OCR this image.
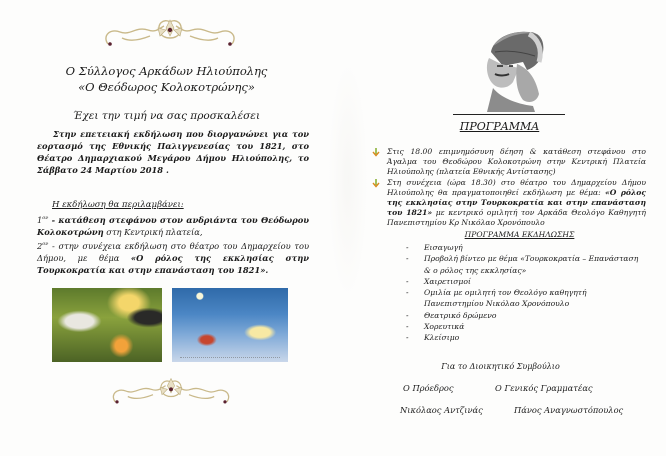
Ο Σύλλογος Αρκάδων Ηλιούπολης
«Ο Θεόδωρος Κολοκοτρώνης»
Έχει την τιμή να σας προσκαλέσει
Στην επετειακή εκδήλωση που διοργανώνει για τον εορτασμό της Εθνικής Παλιγγενεσίας του 1821, στο Θέατρο Δημαρχιακού Μεγάρου Δήμου Ηλιούπολης, το Σάββατο 24 Μαρτίου 2018 .
Η εκδήλωση θα περιλαμβάνει:
$1^{o\nu}$ - κατάθεση στεφάνου στον ανδριάντα του Θεόδωρου Κολοκοτρώνη στη Κεντρική πλατεία,
$2^{o\nu}$ - στην συνέχεια εκδήλωση στο θέατρο του Δημαρχείου του Δήμου, με θέμα «Ο ρόλος της εκκλησίας στην Τουρκοκρατία και στην επανάσταση του 1821».
ΠΡΟΓΡΑΜΜΑ
Στις 18.00 επιμνημόσυνη δέηση & κατάθεση στεφάνου στο Άγαλμα του Θεοδώρου Κολοκοτρώνη στην Κεντρική Πλατεία Ηλιούπολης (πλατεία Εθνικής Αντίστασης)
Στη συνέχεια (ώρα 18.30) στο θέατρο του Δημαρχείου Δήμου Ηλιούπολης θα πραγματοποιηθεί εκδήλωση με θέμα: «Ο ρόλος της εκκλησίας στην Τουρκοκρατία και στην επανάσταση του 1821» με κεντρικό ομιλητή τον Αρκάδα Θεολόγο Καθηγητή Πανεπιστημίου Κρ Νικόλαο Χρονόπουλο
ΠΡΟΓΡΑΜΜΑ ΕΚΔΗΛΩΣΗΣ
- Εισαγωγή
- Προβολή βίντεο με θέμα «Τουρκοκρατία – Επανάσταση & ο ρόλος της εκκλησίας»
- Χαιρετισμοί
- Ομιλία με ομιλητή τον Θεολόγο καθηγητή Πανεπιστημίου Νικόλαο Χρονόπουλο
- Θεατρικό δρώμενο
- Χορευτικά
- Κλείσιμο
Για το Διοικητικό Συμβούλιο
Ο Πρόεδρος	Ο Γενικός Γραμματέας
Νικόλαος Αντζινάς	Πάνος Αναγνωστόπουλος
